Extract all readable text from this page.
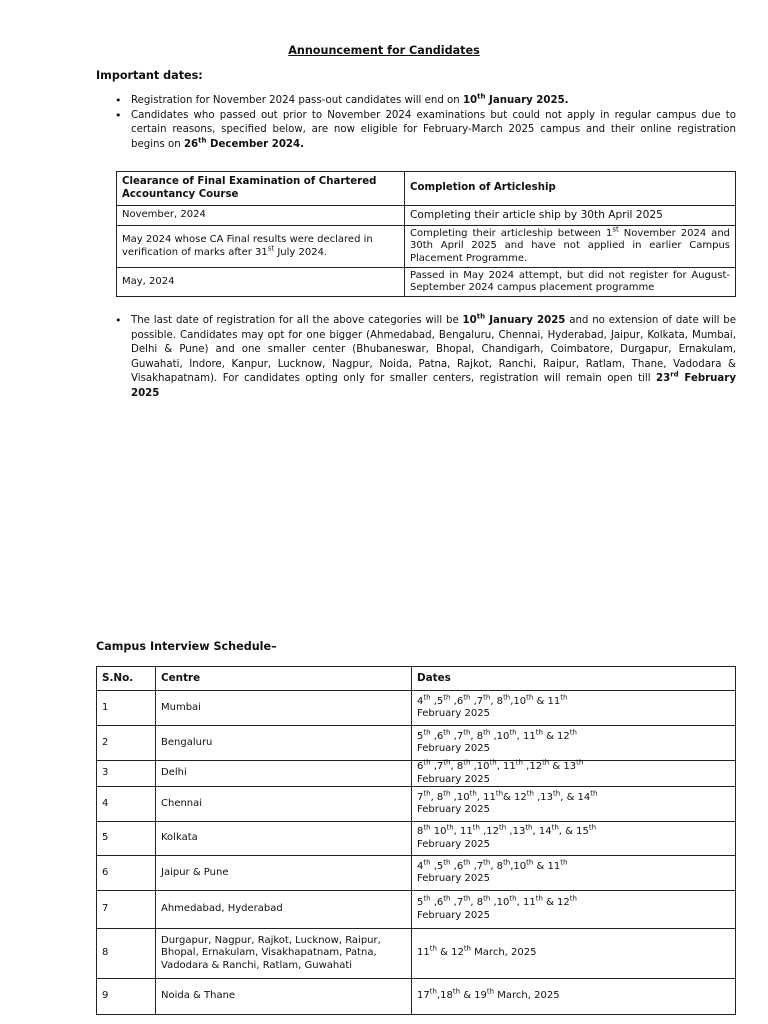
Announcement for Candidates
Important dates:
• Registration for November 2024 pass-out candidates will end on 10th January 2025.
• Candidates who passed out prior to November 2024 examinations but could not apply in regular campus due to certain reasons, specified below, are now eligible for February-March 2025 campus and their online registration begins on 26th December 2024.
Clearance of Final Examination of Chartered Accountancy Course	Completion of Articleship
November, 2024	Completing their article ship by 30th April 2025
May 2024 whose CA Final results were declared in verification of marks after 31st July 2024.	Completing their articleship between 1st November 2024 and 30th April 2025 and have not applied in earlier Campus Placement Programme.
May, 2024	Passed in May 2024 attempt, but did not register for August-September 2024 campus placement programme
• The last date of registration for all the above categories will be 10th January 2025 and no extension of date will be possible. Candidates may opt for one bigger (Ahmedabad, Bengaluru, Chennai, Hyderabad, Jaipur, Kolkata, Mumbai, Delhi & Pune) and one smaller center (Bhubaneswar, Bhopal, Chandigarh, Coimbatore, Durgapur, Ernakulam, Guwahati, Indore, Kanpur, Lucknow, Nagpur, Noida, Patna, Rajkot, Ranchi, Raipur, Ratlam, Thane, Vadodara & Visakhapatnam). For candidates opting only for smaller centers, registration will remain open till 23rd February 2025
Campus Interview Schedule–
S.No.	Centre	Dates
1	Mumbai	4th ,5th ,6th ,7th, 8th,10th & 11th
February 2025

2	Bengaluru	5th ,6th ,7th, 8th ,10th, 11th & 12th
February 2025

3	Delhi	6th ,7th, 8th ,10th, 11th ,12th & 13th
February 2025

4	Chennai	7th, 8th ,10th, 11th& 12th ,13th, & 14th
February 2025

5	Kolkata	8th 10th, 11th ,12th ,13th, 14th, & 15th
February 2025

6	Jaipur & Pune	4th ,5th ,6th ,7th, 8th,10th & 11th
February 2025

7	Ahmedabad, Hyderabad	5th ,6th ,7th, 8th ,10th, 11th & 12th
February 2025

8	Durgapur, Nagpur, Rajkot, Lucknow, Raipur, Bhopal, Ernakulam, Visakhapatnam, Patna, Vadodara & Ranchi, Ratlam, Guwahati	11th & 12th March, 2025

9	Noida & Thane	17th,18th & 19th March, 2025
